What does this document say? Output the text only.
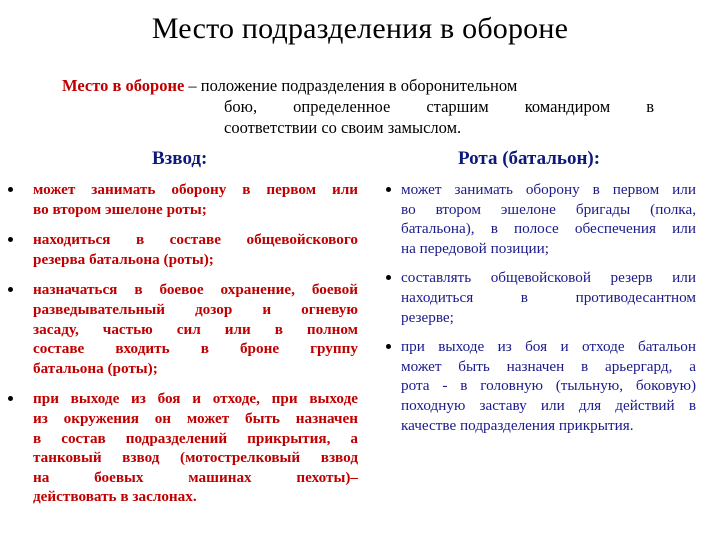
Место подразделения в обороне
Место в обороне – положение подразделения в оборонительном
бою, определенное старшим командиром в
соответствии со своим замыслом.
Взвод:	Рота (батальон):
может занимать оборону в первом или
во втором эшелоне роты;
находиться в составе общевойскового
резерва батальона (роты);
назначаться в боевое охранение, боевой
разведывательный дозор и огневую
засаду, частью сил или в полном
составе входить в броне группу
батальона (роты);
при выходе из боя и отходе, при выходе
из окружения он может быть назначен
в состав подразделений прикрытия, а
танковый взвод (мотострелковый взвод
на боевых машинах пехоты)–
действовать в заслонах.
может занимать оборону в первом или
во втором эшелоне бригады (полка,
батальона), в полосе обеспечения или
на передовой позиции;
составлять общевойсковой резерв или
находиться в противодесантном
резерве;
при выходе из боя и отходе батальон
может быть назначен в арьергард, а
рота - в головную (тыльную, боковую)
походную заставу или для действий в
качестве подразделения прикрытия.
